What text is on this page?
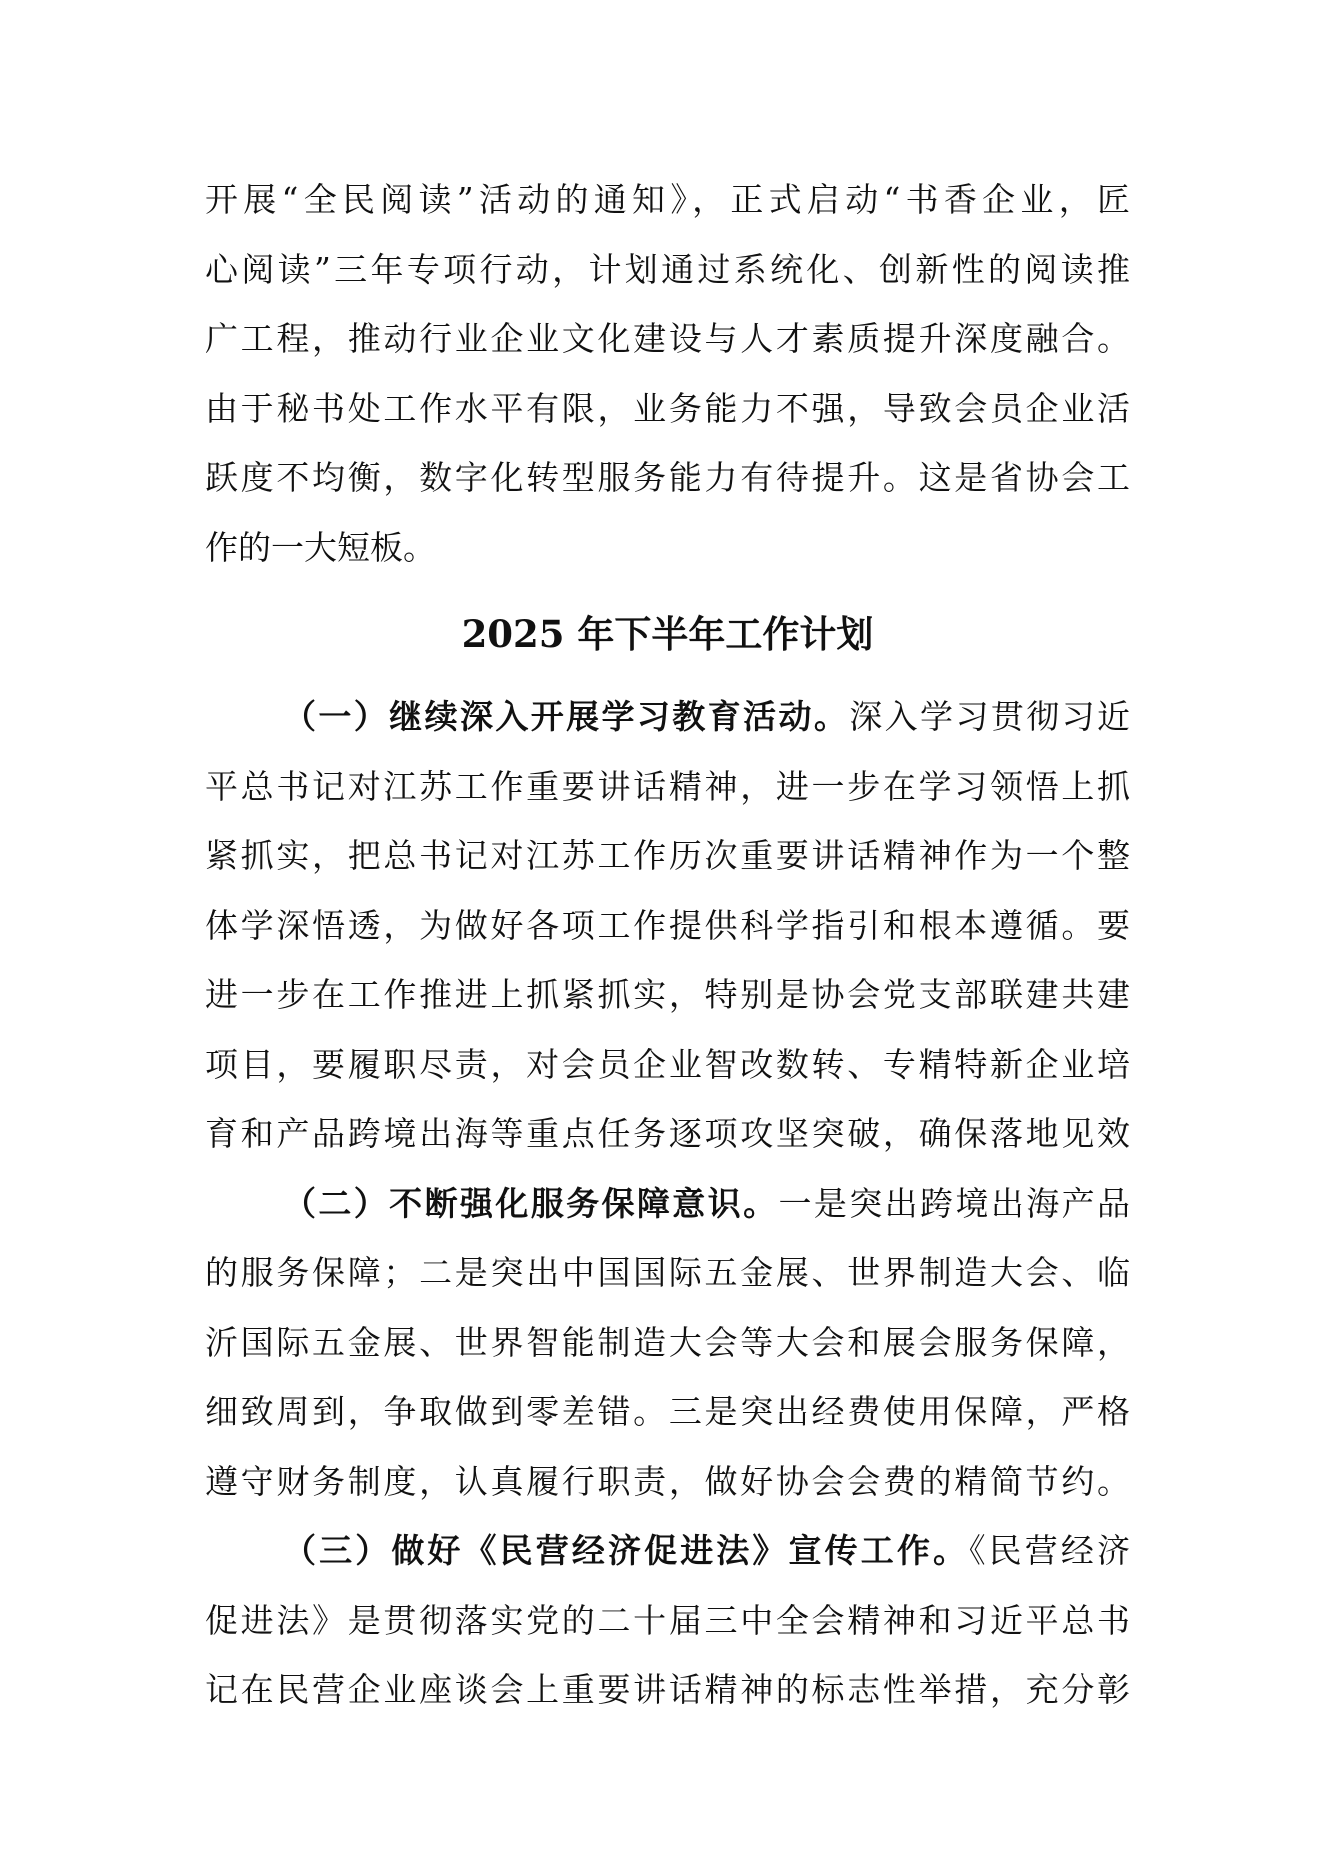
开展“全民阅读”活动的通知》，正式启动“书香企业，匠
心阅读”三年专项行动，计划通过系统化、创新性的阅读推
广工程，推动行业企业文化建设与人才素质提升深度融合。
由于秘书处工作水平有限，业务能力不强，导致会员企业活
跃度不均衡，数字化转型服务能力有待提升。这是省协会工
作的一大短板。
2025 年下半年工作计划
（一）继续深入开展学习教育活动。深入学习贯彻习近
平总书记对江苏工作重要讲话精神，进一步在学习领悟上抓
紧抓实，把总书记对江苏工作历次重要讲话精神作为一个整
体学深悟透，为做好各项工作提供科学指引和根本遵循。要
进一步在工作推进上抓紧抓实，特别是协会党支部联建共建
项目，要履职尽责，对会员企业智改数转、专精特新企业培
育和产品跨境出海等重点任务逐项攻坚突破，确保落地见效
（二）不断强化服务保障意识。一是突出跨境出海产品
的服务保障；二是突出中国国际五金展、世界制造大会、临
沂国际五金展、世界智能制造大会等大会和展会服务保障，
细致周到，争取做到零差错。三是突出经费使用保障，严格
遵守财务制度，认真履行职责，做好协会会费的精简节约。
（三）做好《民营经济促进法》宣传工作。《民营经济
促进法》是贯彻落实党的二十届三中全会精神和习近平总书
记在民营企业座谈会上重要讲话精神的标志性举措，充分彰
